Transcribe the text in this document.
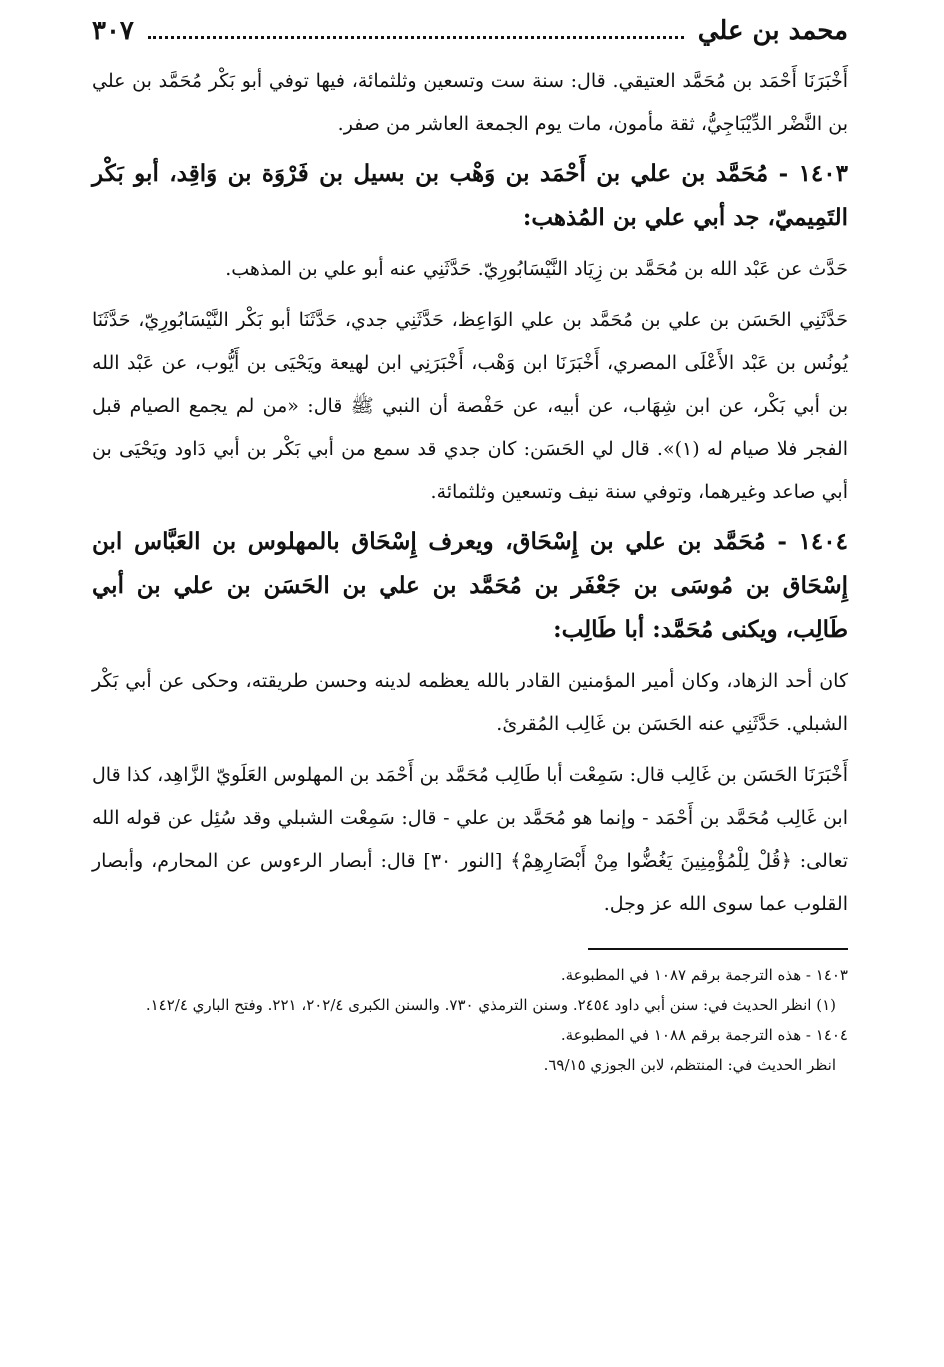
محمد بن علي
٣٠٧

أَخْبَرَنَا أَحْمَد بن مُحَمَّد العتيقي. قال: سنة ست وتسعين وثلثمائة، فيها توفي أبو بَكْر مُحَمَّد بن علي بن النَّضْر الدِّيْبَاجِيُّ، ثقة مأمون، مات يوم الجمعة العاشر من صفر.

١٤٠٣ - مُحَمَّد بن علي بن أَحْمَد بن وَهْب بن بسيل بن فَرْوَة بن وَاقِد، أبو بَكْر التَمِيميّ، جد أبي علي بن المُذهب:

حَدَّث عن عَبْد الله بن مُحَمَّد بن زِيَاد النَّيْسَابُورِيّ. حَدَّثَنِي عنه أبو علي بن المذهب.

حَدَّثَنِي الحَسَن بن علي بن مُحَمَّد بن علي الوَاعِظ، حَدَّثَنِي جدي، حَدَّثَنَا أبو بَكْر النَّيْسَابُورِيّ، حَدَّثَنَا يُونُس بن عَبْد الأَعْلَى المصري، أَخْبَرَنَا ابن وَهْب، أَخْبَرَنِي ابن لهيعة ويَحْيَى بن أَيُّوب، عن عَبْد الله بن أبي بَكْر، عن ابن شِهَاب، عن أبيه، عن حَفْصة أن النبي ﷺ قال: «من لم يجمع الصيام قبل الفجر فلا صيام له (١)». قال لي الحَسَن: كان جدي قد سمع من أبي بَكْر بن أبي دَاود ويَحْيَى بن أبي صاعد وغيرهما، وتوفي سنة نيف وتسعين وثلثمائة.

١٤٠٤ - مُحَمَّد بن علي بن إِسْحَاق، ويعرف إِسْحَاق بالمهلوس بن العَبَّاس ابن إِسْحَاق بن مُوسَى بن جَعْفَر بن مُحَمَّد بن علي بن الحَسَن بن علي بن أبي طَالِب، ويكنى مُحَمَّد: أبا طَالِب:

كان أحد الزهاد، وكان أمير المؤمنين القادر بالله يعظمه لدينه وحسن طريقته، وحكى عن أبي بَكْر الشبلي. حَدَّثَنِي عنه الحَسَن بن غَالِب المُقرئ.

أَخْبَرَنَا الحَسَن بن غَالِب قال: سَمِعْت أبا طَالِب مُحَمَّد بن أَحْمَد بن المهلوس العَلَويّ الزَّاهِد، كذا قال ابن غَالِب مُحَمَّد بن أَحْمَد - وإنما هو مُحَمَّد بن علي - قال: سَمِعْت الشبلي وقد سُئِل عن قوله الله تعالى: ﴿قُلْ لِلْمُؤْمِنِينَ يَغُضُّوا مِنْ أَبْصَارِهِمْ﴾ [النور ٣٠] قال: أبصار الرءوس عن المحارم، وأبصار القلوب عما سوى الله عز وجل.

١٤٠٣ - هذه الترجمة برقم ١٠٨٧ في المطبوعة.

(١) انظر الحديث في: سنن أبي داود ٢٤٥٤. وسنن الترمذي ٧٣٠. والسنن الكبرى ٢٠٢/٤، ٢٢١. وفتح الباري ١٤٢/٤.

١٤٠٤ - هذه الترجمة برقم ١٠٨٨ في المطبوعة.

انظر الحديث في: المنتظم، لابن الجوزي ٦٩/١٥.
